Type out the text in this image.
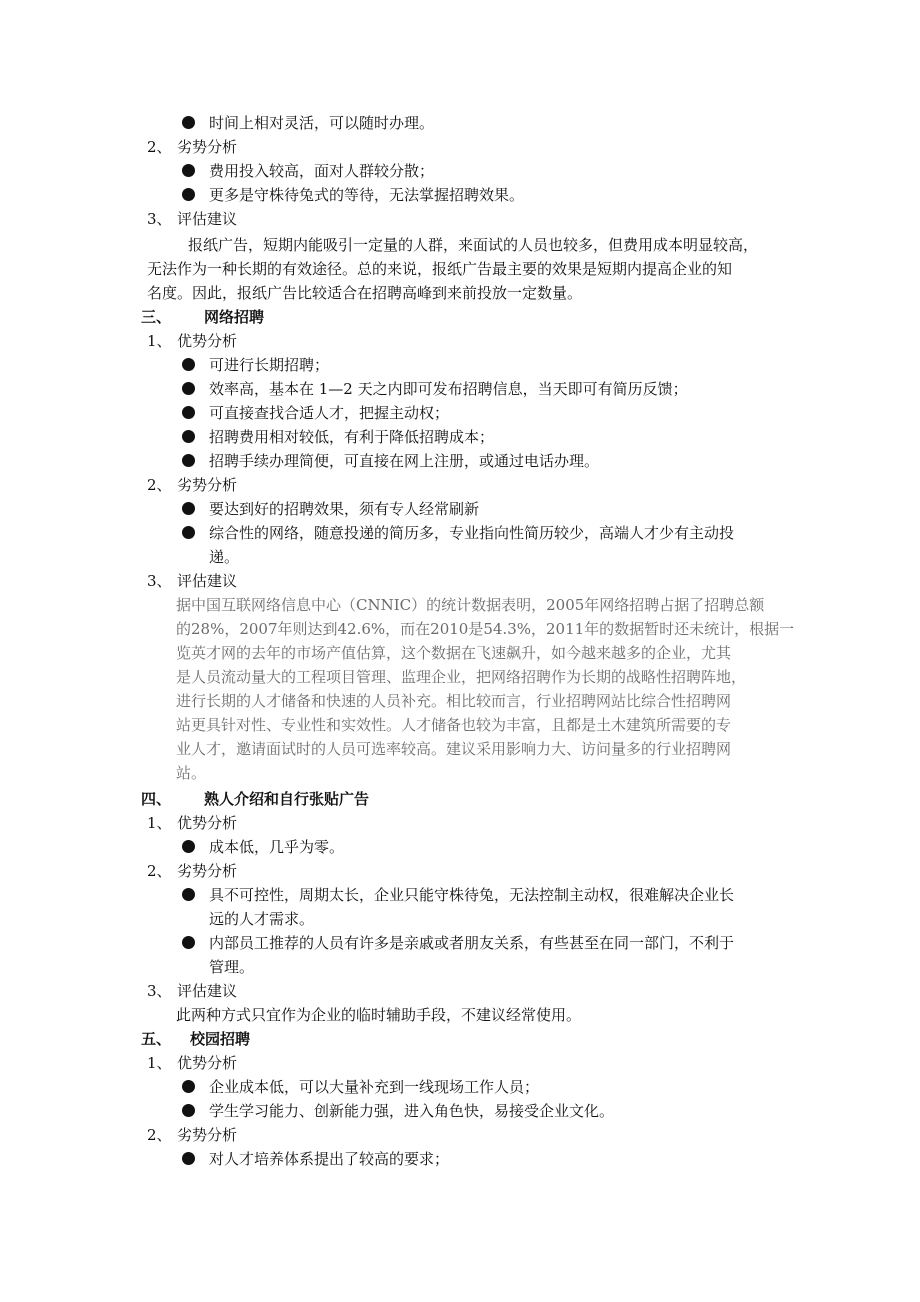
时间上相对灵活，可以随时办理。
2、 劣势分析
费用投入较高，面对人群较分散；
更多是守株待兔式的等待，无法掌握招聘效果。
3、 评估建议
报纸广告，短期内能吸引一定量的人群，来面试的人员也较多，但费用成本明显较高，
无法作为一种长期的有效途径。总的来说，报纸广告最主要的效果是短期内提高企业的知
名度。因此，报纸广告比较适合在招聘高峰到来前投放一定数量。
三、 网络招聘
1、 优势分析
可进行长期招聘；
效率高，基本在 1—2 天之内即可发布招聘信息，当天即可有简历反馈；
可直接查找合适人才，把握主动权；
招聘费用相对较低，有利于降低招聘成本；
招聘手续办理简便，可直接在网上注册，或通过电话办理。
2、 劣势分析
要达到好的招聘效果，须有专人经常刷新
综合性的网络，随意投递的简历多，专业指向性简历较少，高端人才少有主动投
递。
3、 评估建议
据中国互联网络信息中心（CNNIC）的统计数据表明，2005年网络招聘占据了招聘总额
的28%，2007年则达到42.6%，而在2010是54.3%，2011年的数据暂时还未统计，根据一
览英才网的去年的市场产值估算，这个数据在飞速飙升，如今越来越多的企业，尤其
是人员流动量大的工程项目管理、监理企业，把网络招聘作为长期的战略性招聘阵地，
进行长期的人才储备和快速的人员补充。相比较而言，行业招聘网站比综合性招聘网
站更具针对性、专业性和实效性。人才储备也较为丰富，且都是土木建筑所需要的专
业人才，邀请面试时的人员可选率较高。建议采用影响力大、访问量多的行业招聘网
站。
四、 熟人介绍和自行张贴广告
1、 优势分析
成本低，几乎为零。
2、 劣势分析
具不可控性，周期太长，企业只能守株待兔，无法控制主动权，很难解决企业长
远的人才需求。
内部员工推荐的人员有许多是亲戚或者朋友关系，有些甚至在同一部门，不利于
管理。
3、 评估建议
此两种方式只宜作为企业的临时辅助手段，不建议经常使用。
五、 校园招聘
1、 优势分析
企业成本低，可以大量补充到一线现场工作人员；
学生学习能力、创新能力强，进入角色快，易接受企业文化。
2、 劣势分析
对人才培养体系提出了较高的要求；
